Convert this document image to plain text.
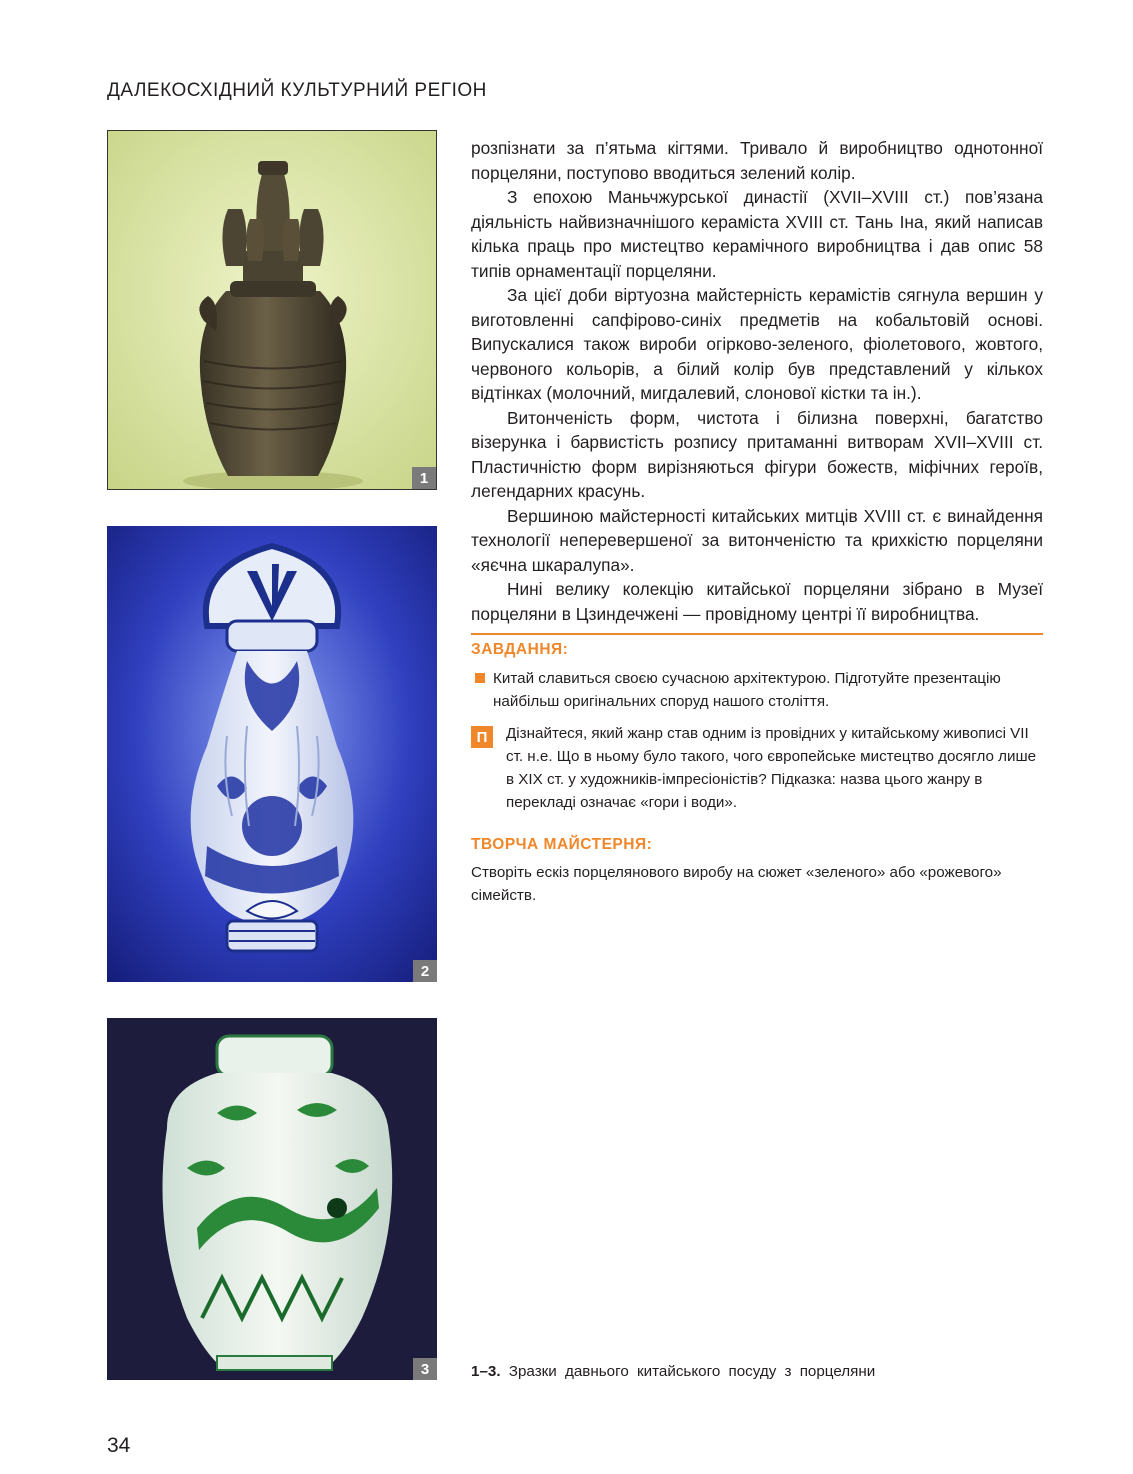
ДАЛЕКОСХІДНИЙ КУЛЬТУРНИЙ РЕГІОН
1
2
3

розпізнати за п’ятьма кігтями. Тривало й виробництво однотонної порцеляни, поступово вводиться зелений колір.

З епохою Маньчжурської династії (XVII–XVIII ст.) пов’язана діяльність найвизначнішого кераміста XVIII ст. Тань Іна, який написав кілька праць про мистецтво керамічного виробництва і дав опис 58 типів орнаментації порцеляни.

За цієї доби віртуозна майстерність керамістів сягнула вершин у виготовленні сапфірово-синіх предметів на кобальтовій основі. Випускалися також вироби огірково-зеленого, фіолетового, жовтого, червоного кольорів, а білий колір був представлений у кількох відтінках (молочний, мигдалевий, слонової кістки та ін.).

Витонченість форм, чистота і білизна поверхні, багатство візерунка і барвистість розпису притаманні витворам XVII–XVIII ст. Пластичністю форм вирізняються фігури божеств, міфічних героїв, легендарних красунь.

Вершиною майстерності китайських митців XVIII ст. є винайдення технології неперевершеної за витонченістю та крихкістю порцеляни «яєчна шкаралупа».

Нині велику колекцію китайської порцеляни зібрано в Музеї порцеляни в Цзиндечжені — провідному центрі її виробництва.

ЗАВДАННЯ:
Китай славиться своєю сучасною архітектурою. Підготуйте презентацію найбільш оригінальних споруд нашого століття.
П	Дізнайтеся, який жанр став одним із провідних у китайському живописі VII ст. н.е. Що в ньому було такого, чого європейське мистецтво досягло лише в XIX ст. у художників-імпресіоністів? Підказка: назва цього жанру в перекладі означає «гори і води».
ТВОРЧА МАЙСТЕРНЯ:
Створіть ескіз порцелянового виробу на сюжет «зеленого» або «рожевого» сімейств.
1–3. Зразки давнього китайського посуду з порцеляни
34
